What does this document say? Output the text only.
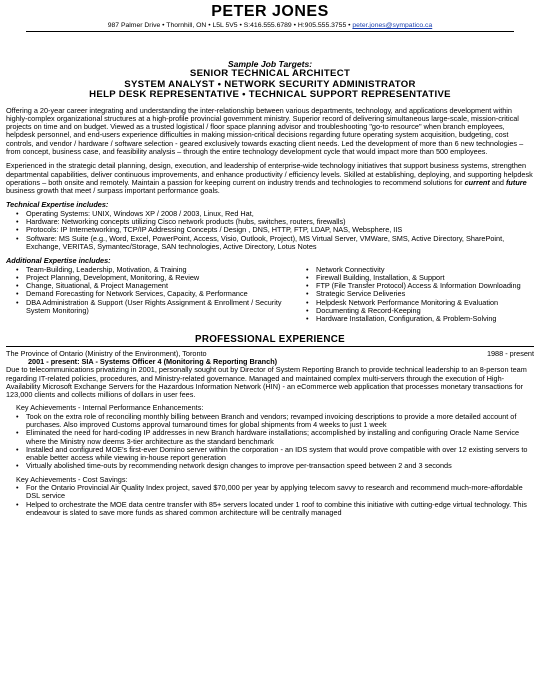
PETER JONES
987 Palmer Drive • Thornhill, ON • L5L 5V5 • S:416.555.6789 • H:905.555.3755 • peter.jones@sympatico.ca
Sample Job Targets:
SENIOR TECHNICAL ARCHITECT
SYSTEM ANALYST • NETWORK SECURITY ADMINISTRATOR
HELP DESK REPRESENTATIVE • TECHNICAL SUPPORT REPRESENTATIVE

Offering a 20-year career integrating and understanding the inter-relationship between various departments, technology, and applications development within highly-complex organizational structures at a high-profile provincial government ministry. Superior record of delivering simultaneous large-scale, mission-critical projects on time and on budget. Viewed as a trusted logistical / floor space planning advisor and troubleshooting "go-to resource" when branch employees, helpdesk personnel, and end-users experience difficulties in making mission-critical decisions regarding future operating system acquisition, budgeting, cost controls, and vendor / hardware / software selection - geared exclusively towards exacting client needs. Led the development of more than 6 new technologies – from concept, business case, and feasibility analysis – through the entire technology development cycle that would impact more than 500 employees.

Experienced in the strategic detail planning, design, execution, and leadership of enterprise-wide technology initiatives that support business systems, strengthen departmental capabilities, deliver continuous improvements, and enhance productivity / efficiency levels. Skilled at establishing, deploying, and supporting helpdesk operations – both onsite and remotely. Maintain a passion for keeping current on industry trends and technologies to recommend solutions for current and future business growth that meet / surpass important performance goals.

Technical Expertise includes:
• Operating Systems: UNIX, Windows XP / 2008 / 2003, Linux, Red Hat,
• Hardware: Networking concepts utilizing Cisco network products (hubs, switches, routers, firewalls)
• Protocols: IP Internetworking, TCP/IP Addressing Concepts / Design , DNS, HTTP, FTP, LDAP, NAS, Websphere, IIS
• Software: MS Suite (e.g., Word, Excel, PowerPoint, Access, Visio, Outlook, Project), MS Virtual Server, VMWare, SMS, Active Directory, SharePoint, Exchange, VERITAS, Symantec/Storage, SAN technologies, Active Directory, Lotus Notes
Additional Expertise includes:
• Team-Building, Leadership, Motivation, & Training
• Project Planning, Development, Monitoring, & Review
• Change, Situational, & Project Management
• Demand Forecasting for Network Services, Capacity, & Performance
• DBA Administration & Support (User Rights Assignment & Enrollment / Security System Monitoring)
• Network Connectivity
• Firewall Building, Installation, & Support
• FTP (File Transfer Protocol) Access & Information Downloading
• Strategic Service Deliveries
• Helpdesk Network Performance Monitoring & Evaluation
• Documenting & Record-Keeping
• Hardware Installation, Configuration, & Problem-Solving
PROFESSIONAL EXPERIENCE
The Province of Ontario (Ministry of the Environment), Toronto	1988 - present
2001 - present: SIA - Systems Officer 4 (Monitoring & Reporting Branch)

Due to telecommunications privatizing in 2001, personally sought out by Director of System Reporting Branch to provide technical leadership to an 8-person team regarding IT-related policies, procedures, and Ministry-related governance. Managed and maintained complex multi-servers through the execution of High-Availability Microsoft Exchange Servers for the Hazardous Information Network (HIN) - an eCommerce web application that processes monetary transactions for 123,000 clients and collects millions of dollars in user fees.

Key Achievements - Internal Performance Enhancements:
• Took on the extra role of reconciling monthly billing between Branch and vendors; revamped invoicing descriptions to provide a more detailed account of purchases. Also improved Customs approval turnaround times for global shipments from 4 weeks to just 1 week
• Eliminated the need for hard-coding IP addresses in new Branch hardware installations; accomplished by installing and configuring Oracle Name Service where the Ministry now deems 3-tier architecture as the standard benchmark
• Installed and configured MOE's first-ever Domino server within the corporation - an IDS system that would prove compatible with over 12 existing servers to enable better access while viewing in-house report generation
• Virtually abolished time-outs by recommending network design changes to improve per-transaction speed between 2 and 3 seconds
Key Achievements - Cost Savings:
• For the Ontario Provincial Air Quality Index project, saved $70,000 per year by applying telecom savvy to research and recommend much-more-affordable DSL service
• Helped to orchestrate the MOE data centre transfer with 85+ servers located under 1 roof to combine this initiative with cutting-edge virtual technology. This endeavour is slated to save more funds as shared common architecture will be centrally managed
